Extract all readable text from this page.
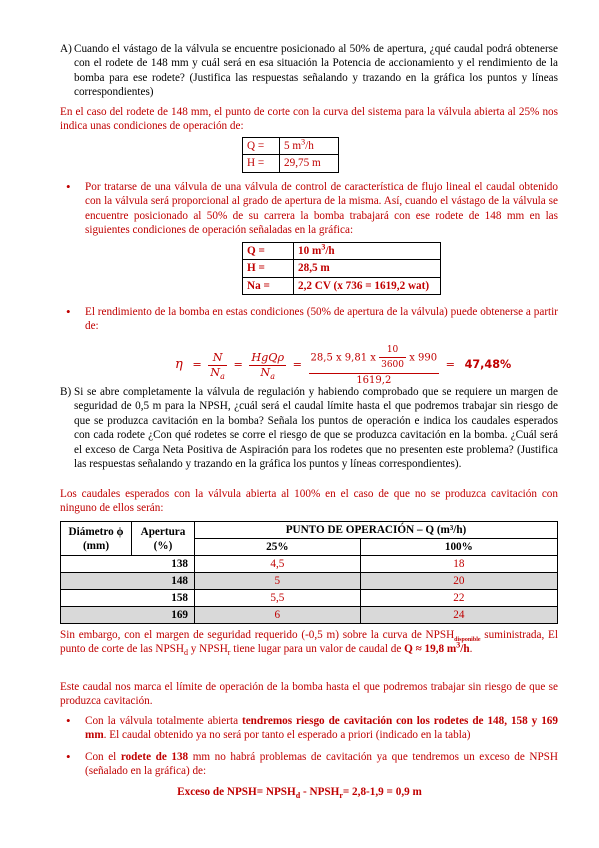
A) Cuando el vástago de la válvula se encuentre posicionado al 50% de apertura, ¿qué caudal podrá obtenerse con el rodete de 148 mm y cuál será en esa situación la Potencia de accionamiento y el rendimiento de la bomba para ese rodete? (Justifica las respuestas señalando y trazando en la gráfica los puntos y líneas correspondientes)
En el caso del rodete de 148 mm, el punto de corte con la curva del sistema para la válvula abierta al 25% nos indica unas condiciones de operación de:
Q =	5 $m^3/h$
H =	29,75 m
• Por tratarse de una válvula de una válvula de control de característica de flujo lineal el caudal obtenido con la válvula será proporcional al grado de apertura de la misma. Así, cuando el vástago de la válvula se encuentre posicionado al 50% de su carrera la bomba trabajará con ese rodete de 148 mm en las siguientes condiciones de operación señaladas en la gráfica:
Q =	10 $m^3/h$
H =	28,5 m
Na =	2,2 CV (x 736 = 1619,2 wat)
• El rendimiento de la bomba en estas condiciones (50% de apertura de la válvula) puede obtenerse a partir de:
$\eta = \frac{N}{N_a} = \frac{\text{HgQρ}}{N_a}$ =
28,5 x 9,81 x $\frac{10}{3600}$ x 990
1619,2
= 47,48%
B) Si se abre completamente la válvula de regulación y habiendo comprobado que se requiere un margen de seguridad de 0,5 m para la NPSH, ¿cuál será el caudal límite hasta el que podremos trabajar sin riesgo de que se produzca cavitación en la bomba? Señala los puntos de operación e indica los caudales esperados con cada rodete ¿Con qué rodetes se corre el riesgo de que se produzca cavitación en la bomba. ¿Cuál será el exceso de Carga Neta Positiva de Aspiración para los rodetes que no presenten este problema? (Justifica las respuestas señalando y trazando en la gráfica los puntos y líneas correspondientes).
Los caudales esperados con la válvula abierta al 100% en el caso de que no se produzca cavitación con ninguno de ellos serán:
Diámetro ϕ (mm)	Apertura (%)	PUNTO DE OPERACIÓN – Q (m³/h)	
		25%	100%
138		4,5	18
148		5	20
158		5,5	22
169		6	24
Sin embargo, con el margen de seguridad requerido (-0,5 m) sobre la curva de $NPSH_{disponible}$ suministrada, El punto de corte de las $NPSH_d$ y $NPSH_r$ tiene lugar para un valor de caudal de Q ≈ 19,8 $m^3/h$.
Este caudal nos marca el límite de operación de la bomba hasta el que podremos trabajar sin riesgo de que se produzca cavitación.
• Con la válvula totalmente abierta tendremos riesgo de cavitación con los rodetes de 148, 158 y 169 mm. El caudal obtenido ya no será por tanto el esperado a priori (indicado en la tabla)
• Con el rodete de 138 mm no habrá problemas de cavitación ya que tendremos un exceso de NPSH (señalado en la gráfica) de:
Exceso de NPSH= $NPSH_d$ - $NPSH_r= 2,8-1,9 = 0,9$ m
